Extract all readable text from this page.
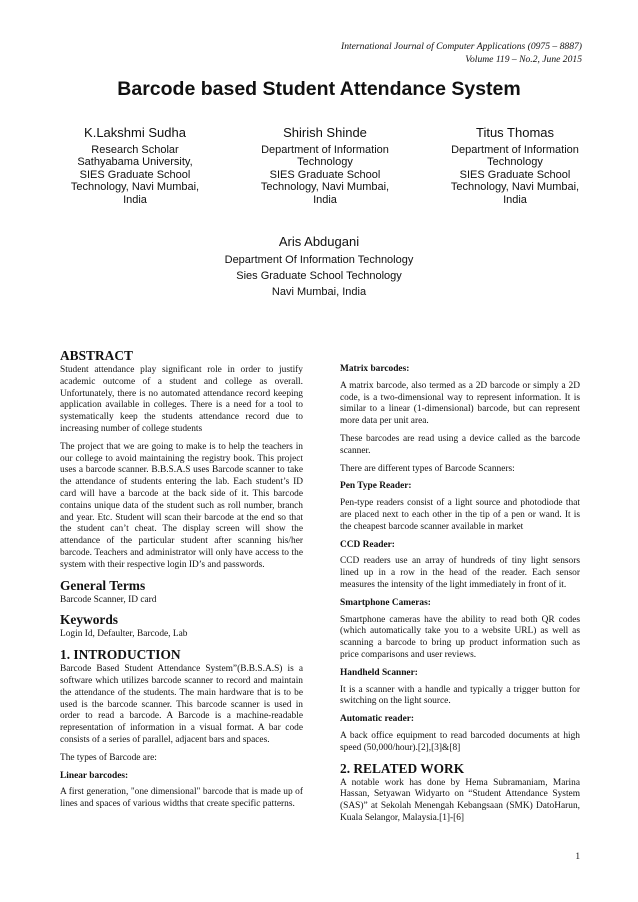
International Journal of Computer Applications (0975 – 8887)
Volume 119 – No.2, June 2015
Barcode based Student Attendance System
K.Lakshmi Sudha
Research Scholar
Sathyabama University,
SIES Graduate School
Technology, Navi Mumbai,
India
Shirish Shinde
Department of Information
Technology
SIES Graduate School
Technology, Navi Mumbai,
India
Titus Thomas
Department of Information
Technology
SIES Graduate School
Technology, Navi Mumbai,
India
Aris Abdugani
Department Of Information Technology
Sies Graduate School Technology
Navi Mumbai, India
ABSTRACT

Student attendance play significant role in order to justify academic outcome of a student and college as overall. Unfortunately, there is no automated attendance record keeping application available in colleges. There is a need for a tool to systematically keep the students attendance record due to increasing number of college students

The project that we are going to make is to help the teachers in our college to avoid maintaining the registry book. This project uses a barcode scanner. B.B.S.A.S uses Barcode scanner to take the attendance of students entering the lab. Each student’s ID card will have a barcode at the back side of it. This barcode contains unique data of the student such as roll number, branch and year. Etc. Student will scan their barcode at the end so that the student can’t cheat. The display screen will show the attendance of the particular student after scanning his/her barcode. Teachers and administrator will only have access to the system with their respective login ID’s and passwords.

General Terms

Barcode Scanner, ID card

Keywords

Login Id, Defaulter, Barcode, Lab

1. INTRODUCTION

Barcode Based Student Attendance System”(B.B.S.A.S) is a software which utilizes barcode scanner to record and maintain the attendance of the students. The main hardware that is to be used is the barcode scanner. This barcode scanner is used in order to read a barcode. A Barcode is a machine-readable representation of information in a visual format. A bar code consists of a series of parallel, adjacent bars and spaces.

The types of Barcode are:

Linear barcodes:

A first generation, "one dimensional" barcode that is made up of lines and spaces of various widths that create specific patterns.

Matrix barcodes:

A matrix barcode, also termed as a 2D barcode or simply a 2D code, is a two-dimensional way to represent information. It is similar to a linear (1-dimensional) barcode, but can represent more data per unit area.

These barcodes are read using a device called as the barcode scanner.

There are different types of Barcode Scanners:

Pen Type Reader:

Pen-type readers consist of a light source and photodiode that are placed next to each other in the tip of a pen or wand. It is the cheapest barcode scanner available in market

CCD Reader:

CCD readers use an array of hundreds of tiny light sensors lined up in a row in the head of the reader. Each sensor measures the intensity of the light immediately in front of it.

Smartphone Cameras:

Smartphone cameras have the ability to read both QR codes (which automatically take you to a website URL) as well as scanning a barcode to bring up product information such as price comparisons and user reviews.

Handheld Scanner:

It is a scanner with a handle and typically a trigger button for switching on the light source.

Automatic reader:

A back office equipment to read barcoded documents at high speed (50,000/hour).[2],[3]&[8]

2. RELATED WORK

A notable work has done by Hema Subramaniam, Marina Hassan, Setyawan Widyarto on “Student Attendance System (SAS)” at Sekolah Menengah Kebangsaan (SMK) DatoHarun, Kuala Selangor, Malaysia.[1]-[6]

1
